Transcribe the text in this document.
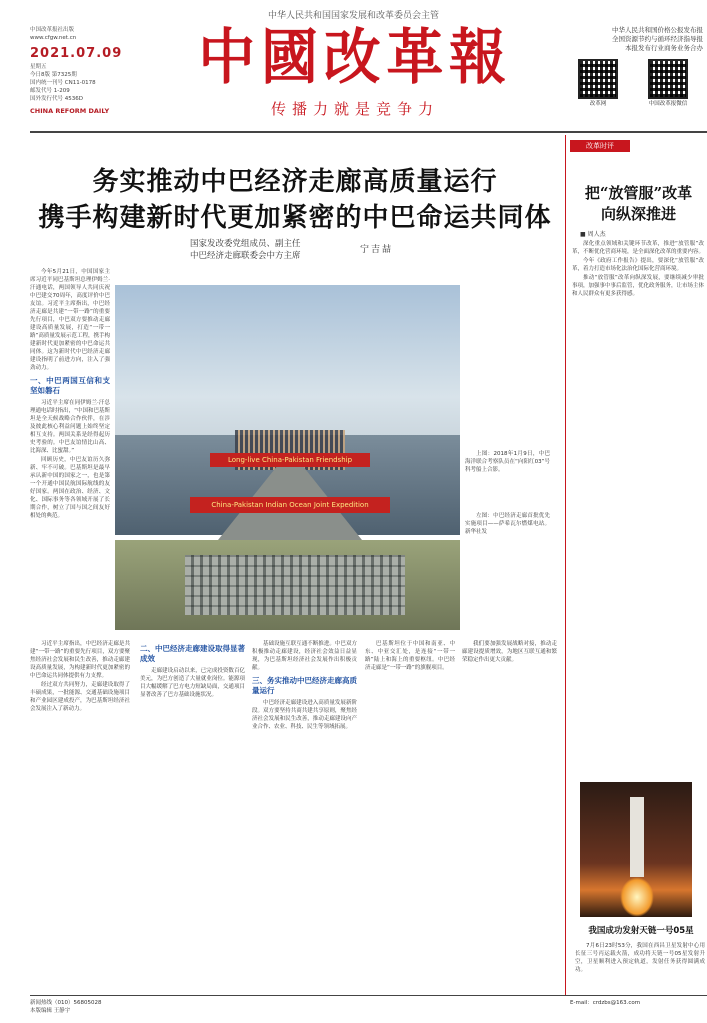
中华人民共和国国家发展和改革委员会主管
中国改革报社出版
www.cfgw.net.cn
2021.07.09
星期五
今日8版 第7325期
国内统一刊号 CN11-0178
邮发代号 1-209
国外发行代号 4536D
CHINA REFORM DAILY
中國改革報
传播力就是竞争力
中华人民共和国价格公报发布报
全国资源节约与循环经济指导报
本报发布行业商务业务合办
改革网	中国改革报微信
务实推动中巴经济走廊高质量运行
携手构建新时代更加紧密的中巴命运共同体
国家发改委党组成员、副主任
中巴经济走廊联委会中方主席
宁吉喆

今年5月21日，中国国家主席习近平同巴基斯坦总理伊姆兰·汗通电话，两国领导人共同庆祝中巴建交70周年，高度评价中巴友谊。习近平主席指出，中巴经济走廊是共建“一带一路”的重要先行项目，中巴双方要推动走廊建设高质量发展，打造“一带一路”高质量发展示范工程，携手构建新时代更加紧密的中巴命运共同体。这为新时代中巴经济走廊建设指明了前进方向，注入了强劲动力。

一、中巴两国互信和支坚如磐石

习近平主席在同伊姆兰·汗总理通电话时指出，“中国和巴基斯坦是全天候战略合作伙伴，在涉及彼此核心利益问题上始终坚定相互支持。两国关系是经得起历史考验的。中巴友谊情比山高、比海深、比蜜甜。”

回顾历史，中巴友谊历久弥新、牢不可破。巴基斯坦是最早承认新中国的国家之一，也是第一个开通中国民航国际航线的友好国家。两国在政治、经济、文化、国际事务等各领域开展了长期合作，树立了国与国之间友好相处的典范。

Long-live China-Pakistan Friendship
China-Pakistan Indian Ocean Joint Expedition

上图：2018年1月9日，中巴海洋联合考察队员在“向阳红03”号科考船上合影。

左图：中巴经济走廊首批优先实施项目——萨希瓦尔燃煤电站。新华社发

习近平主席指出，中巴经济走廊是共建“一带一路”的重要先行项目，双方要聚焦经济社会发展和民生改善，推动走廊建设高质量发展，为构建新时代更加紧密的中巴命运共同体提供有力支撑。

经过双方共同努力，走廊建设取得了丰硕成果，一批能源、交通基础设施项目和产业园区建成投产，为巴基斯坦经济社会发展注入了新动力。

二、中巴经济走廊建设取得显著成效

走廊建设启动以来，已完成投资数百亿美元，为巴方创造了大量就业岗位。能源项目大幅缓解了巴方电力短缺局面，交通项目显著改善了巴方基础设施状况。

基础设施互联互通不断推进。中巴双方积极推动走廊建设，经济社会效益日益显现，为巴基斯坦经济社会发展作出积极贡献。

三、务实推动中巴经济走廊高质量运行

中巴经济走廊建设进入高质量发展新阶段。双方要坚持共商共建共享原则，聚焦经济社会发展和民生改善，推动走廊建设向产业合作、农业、科技、民生等领域拓展。

巴基斯坦位于中国和南亚、中东、中亚交汇处，是连接“一带一路”陆上和海上的重要枢纽。中巴经济走廊是“一带一路”的旗舰项目。

我们要加强发展战略对接，推动走廊建设提质增效，为地区互联互通和繁荣稳定作出更大贡献。

改革时评
把“放管服”改革
向纵深推进
■ 周人杰

深化重点领域和关键环节改革，推进“放管服”改革，不断优化营商环境，是全面深化改革的重要内容。

今年《政府工作报告》提出，要深化“放管服”改革，着力打造市场化法治化国际化营商环境。

推动“放管服”改革向纵深发展，要继续减少审批事项，加强事中事后监管，优化政务服务，让市场主体和人民群众有更多获得感。

我国成功发射天链一号05星

7月6日23时53分，我国在西昌卫星发射中心用长征三号丙运载火箭，成功将天链一号05星发射升空，卫星顺利进入预定轨道，发射任务获得圆满成功。

新闻热线（010）56805028
本版编辑 王静宇
E-mail：crdzbs@163.com
